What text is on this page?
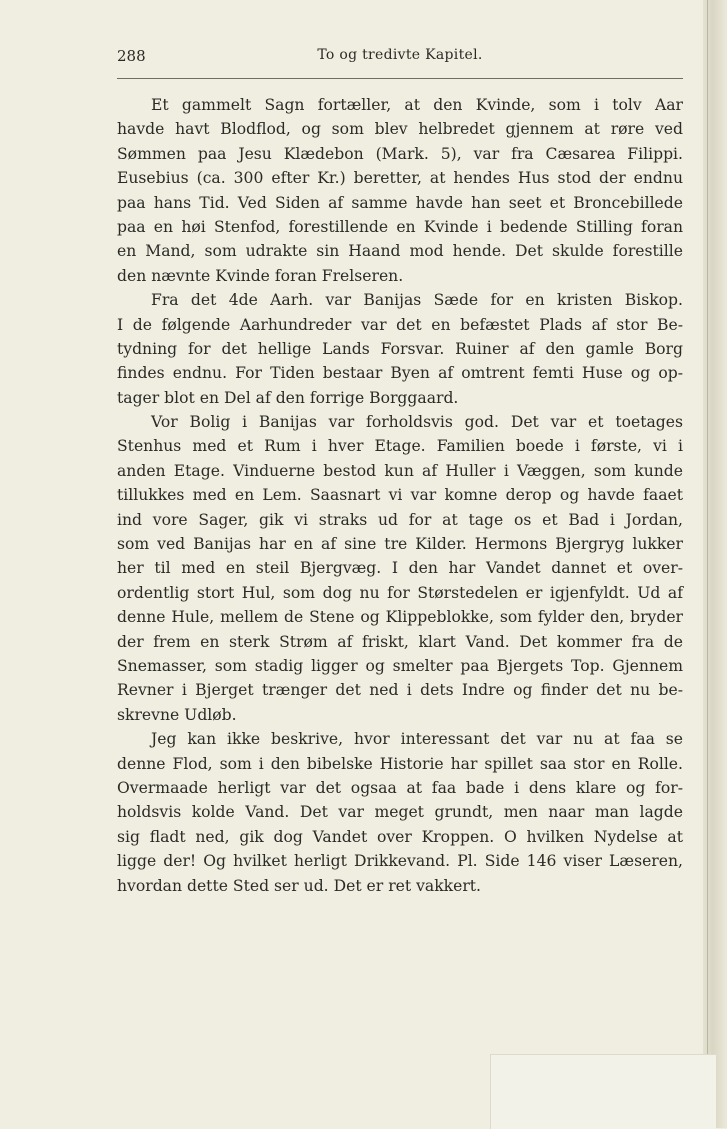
288	To og tredivte Kapitel.
Et gammelt Sagn fortæller, at den Kvinde, som i tolv Aar
havde havt Blodflod, og som blev helbredet gjennem at røre ved
Sømmen paa Jesu Klædebon (Mark. 5), var fra Cæsarea Filippi.
Eusebius (ca. 300 efter Kr.) beretter, at hendes Hus stod der endnu
paa hans Tid. Ved Siden af samme havde han seet et Broncebillede
paa en høi Stenfod, forestillende en Kvinde i bedende Stilling foran
en Mand, som udrakte sin Haand mod hende. Det skulde forestille
den nævnte Kvinde foran Frelseren.
Fra det 4de Aarh. var Banijas Sæde for en kristen Biskop.
I de følgende Aarhundreder var det en befæstet Plads af stor Be-
tydning for det hellige Lands Forsvar. Ruiner af den gamle Borg
findes endnu. For Tiden bestaar Byen af omtrent femti Huse og op-
tager blot en Del af den forrige Borggaard.
Vor Bolig i Banijas var forholdsvis god. Det var et toetages
Stenhus med et Rum i hver Etage. Familien boede i første, vi i
anden Etage. Vinduerne bestod kun af Huller i Væggen, som kunde
tillukkes med en Lem. Saasnart vi var komne derop og havde faaet
ind vore Sager, gik vi straks ud for at tage os et Bad i Jordan,
som ved Banijas har en af sine tre Kilder. Hermons Bjergryg lukker
her til med en steil Bjergvæg. I den har Vandet dannet et over-
ordentlig stort Hul, som dog nu for Størstedelen er igjenfyldt. Ud af
denne Hule, mellem de Stene og Klippeblokke, som fylder den, bryder
der frem en sterk Strøm af friskt, klart Vand. Det kommer fra de
Snemasser, som stadig ligger og smelter paa Bjergets Top. Gjennem
Revner i Bjerget trænger det ned i dets Indre og finder det nu be-
skrevne Udløb.
Jeg kan ikke beskrive, hvor interessant det var nu at faa se
denne Flod, som i den bibelske Historie har spillet saa stor en Rolle.
Overmaade herligt var det ogsaa at faa bade i dens klare og for-
holdsvis kolde Vand. Det var meget grundt, men naar man lagde
sig fladt ned, gik dog Vandet over Kroppen. O hvilken Nydelse at
ligge der! Og hvilket herligt Drikkevand. Pl. Side 146 viser Læseren,
hvordan dette Sted ser ud. Det er ret vakkert.
